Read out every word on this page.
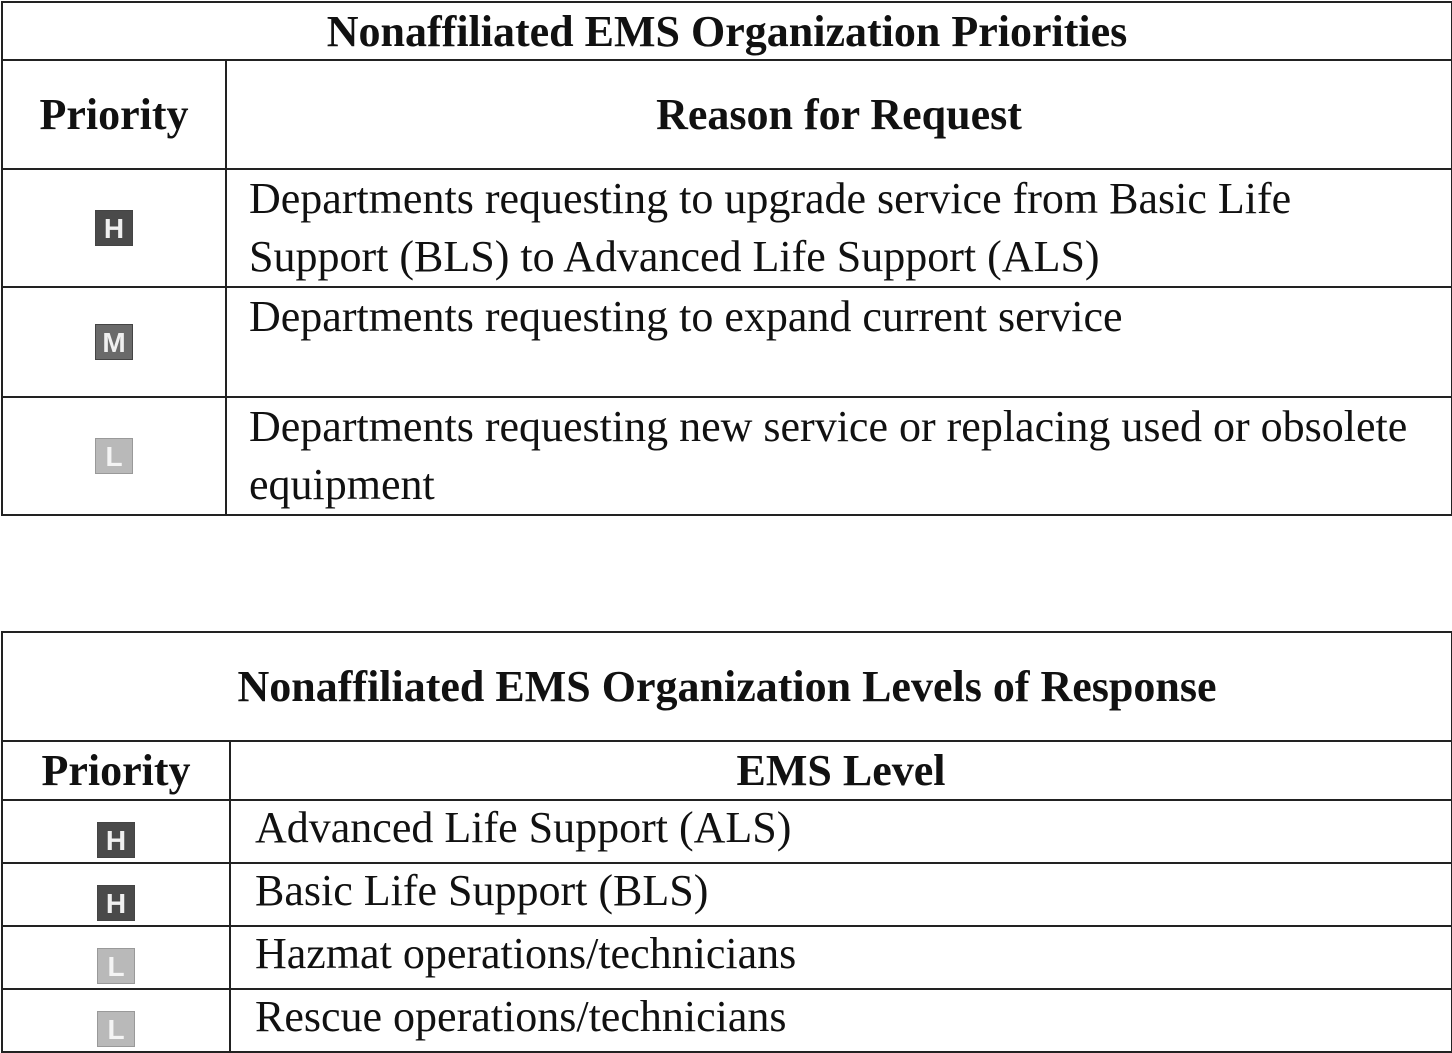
Nonaffiliated EMS Organization Priorities	
Priority	Reason for Request
H	Departments requesting to upgrade service from Basic Life Support (BLS) to Advanced Life Support (ALS)
M	Departments requesting to expand current service
L	Departments requesting new service or replacing used or obsolete equipment
Nonaffiliated EMS Organization Levels of Response	
Priority	EMS Level
H	Advanced Life Support (ALS)
H	Basic Life Support (BLS)
L	Hazmat operations/technicians
L	Rescue operations/technicians
